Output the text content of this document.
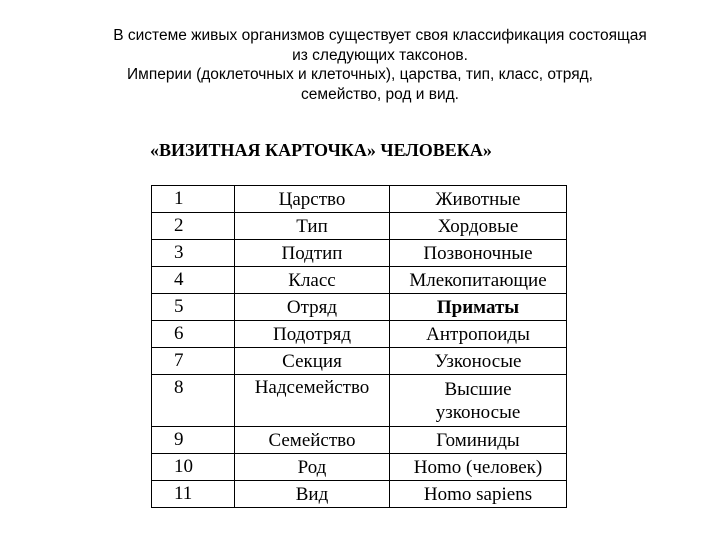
В системе живых организмов существует своя классификация состоящая
из следующих таксонов.
Империи (доклеточных и клеточных), царства, тип, класс, отряд,
семейство, род и вид.
«ВИЗИТНАЯ КАРТОЧКА» ЧЕЛОВЕКА»
1	Царство	Животные
2	Тип	Хордовые
3	Подтип	Позвоночные
4	Класс	Млекопитающие
5	Отряд	Приматы
6	Подотряд	Антропоиды
7	Секция	Узконосые
8	Надсемейство	Высшие
узконосые

9	Семейство	Гоминиды
10	Род	Homo (человек)
11	Вид	Homo sapiens
